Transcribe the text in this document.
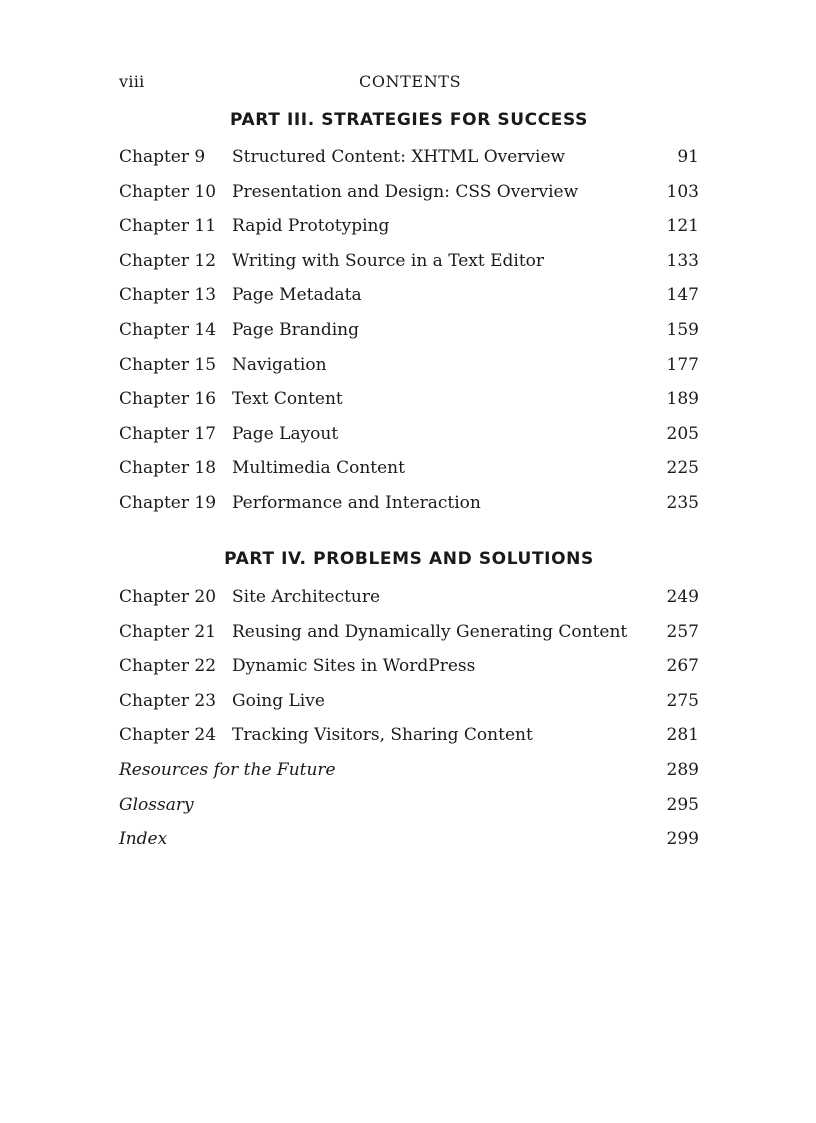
viii	CONTENTS
PART III. STRATEGIES FOR SUCCESS
Chapter 9 Structured Content: XHTML Overview	91
Chapter 10 Presentation and Design: CSS Overview	103
Chapter 11 Rapid Prototyping	121
Chapter 12 Writing with Source in a Text Editor	133
Chapter 13 Page Metadata	147
Chapter 14 Page Branding	159
Chapter 15 Navigation	177
Chapter 16 Text Content	189
Chapter 17 Page Layout	205
Chapter 18 Multimedia Content	225
Chapter 19 Performance and Interaction	235
PART IV. PROBLEMS AND SOLUTIONS
Chapter 20 Site Architecture	249
Chapter 21 Reusing and Dynamically Generating Content 257
Chapter 22 Dynamic Sites in WordPress	267
Chapter 23 Going Live	275
Chapter 24 Tracking Visitors, Sharing Content	281
Resources for the Future	289
Glossary	295
Index	299
